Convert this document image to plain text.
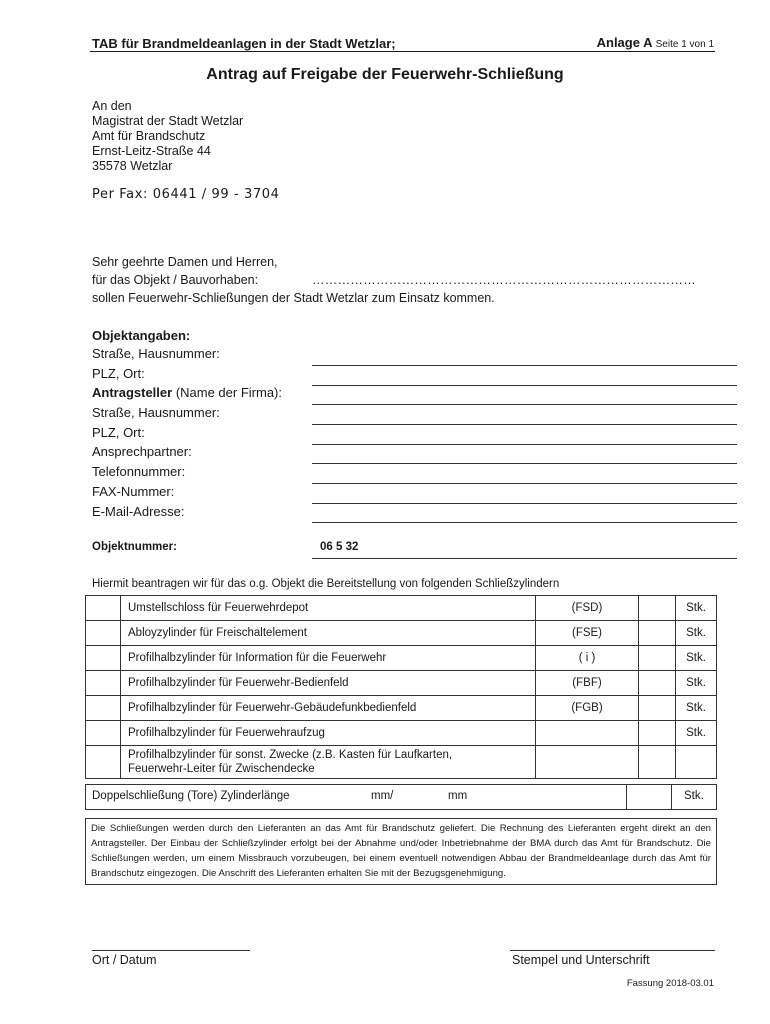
TAB für Brandmeldeanlagen in der Stadt Wetzlar;	Anlage A Seite 1 von 1
Antrag auf Freigabe der Feuerwehr-Schließung
An den
Magistrat der Stadt Wetzlar
Amt für Brandschutz
Ernst-Leitz-Straße 44
35578 Wetzlar
Per Fax: 06441 / 99 - 3704
Sehr geehrte Damen und Herren,
für das Objekt / Bauvorhaben:	………………………………………………………………………………
sollen Feuerwehr-Schließungen der Stadt Wetzlar zum Einsatz kommen.
Objektangaben:
Straße, Hausnummer:
PLZ, Ort:
Antragsteller (Name der Firma):
Straße, Hausnummer:
PLZ, Ort:
Ansprechpartner:
Telefonnummer:
FAX-Nummer:
E-Mail-Adresse:
Objektnummer:	06 5 32
Hiermit beantragen wir für das o.g. Objekt die Bereitstellung von folgenden Schließzylindern
	Umstellschloss für Feuerwehrdepot	(FSD)		Stk.
	Abloyzylinder für Freischaltelement	(FSE)		Stk.
	Profilhalbzylinder für Information für die Feuerwehr	( i )		Stk.
	Profilhalbzylinder für Feuerwehr-Bedienfeld	(FBF)		Stk.
	Profilhalbzylinder für Feuerwehr-Gebäudefunkbedienfeld	(FGB)		Stk.
	Profilhalbzylinder für Feuerwehraufzug			Stk.

	Profilhalbzylinder für sonst. Zwecke (z.B. Kasten für Laufkarten,
Feuerwehr-Leiter für Zwischendecke			

Doppelschließung (Tore) Zylinderlänge	mm/	mm	Stk.
Die Schließungen werden durch den Lieferanten an das Amt für Brandschutz geliefert. Die Rechnung des Lieferanten ergeht direkt an den Antragsteller. Der Einbau der Schließzylinder erfolgt bei der Abnahme und/oder Inbetriebnahme der BMA durch das Amt für Brandschutz. Die Schließungen werden, um einem Missbrauch vorzubeugen, bei einem eventuell notwendigen Abbau der Brandmeldeanlage durch das Amt für Brandschutz eingezogen. Die Anschrift des Lieferanten erhalten Sie mit der Bezugsgenehmigung.
Ort / Datum	Stempel und Unterschrift
Fassung 2018-03.01
